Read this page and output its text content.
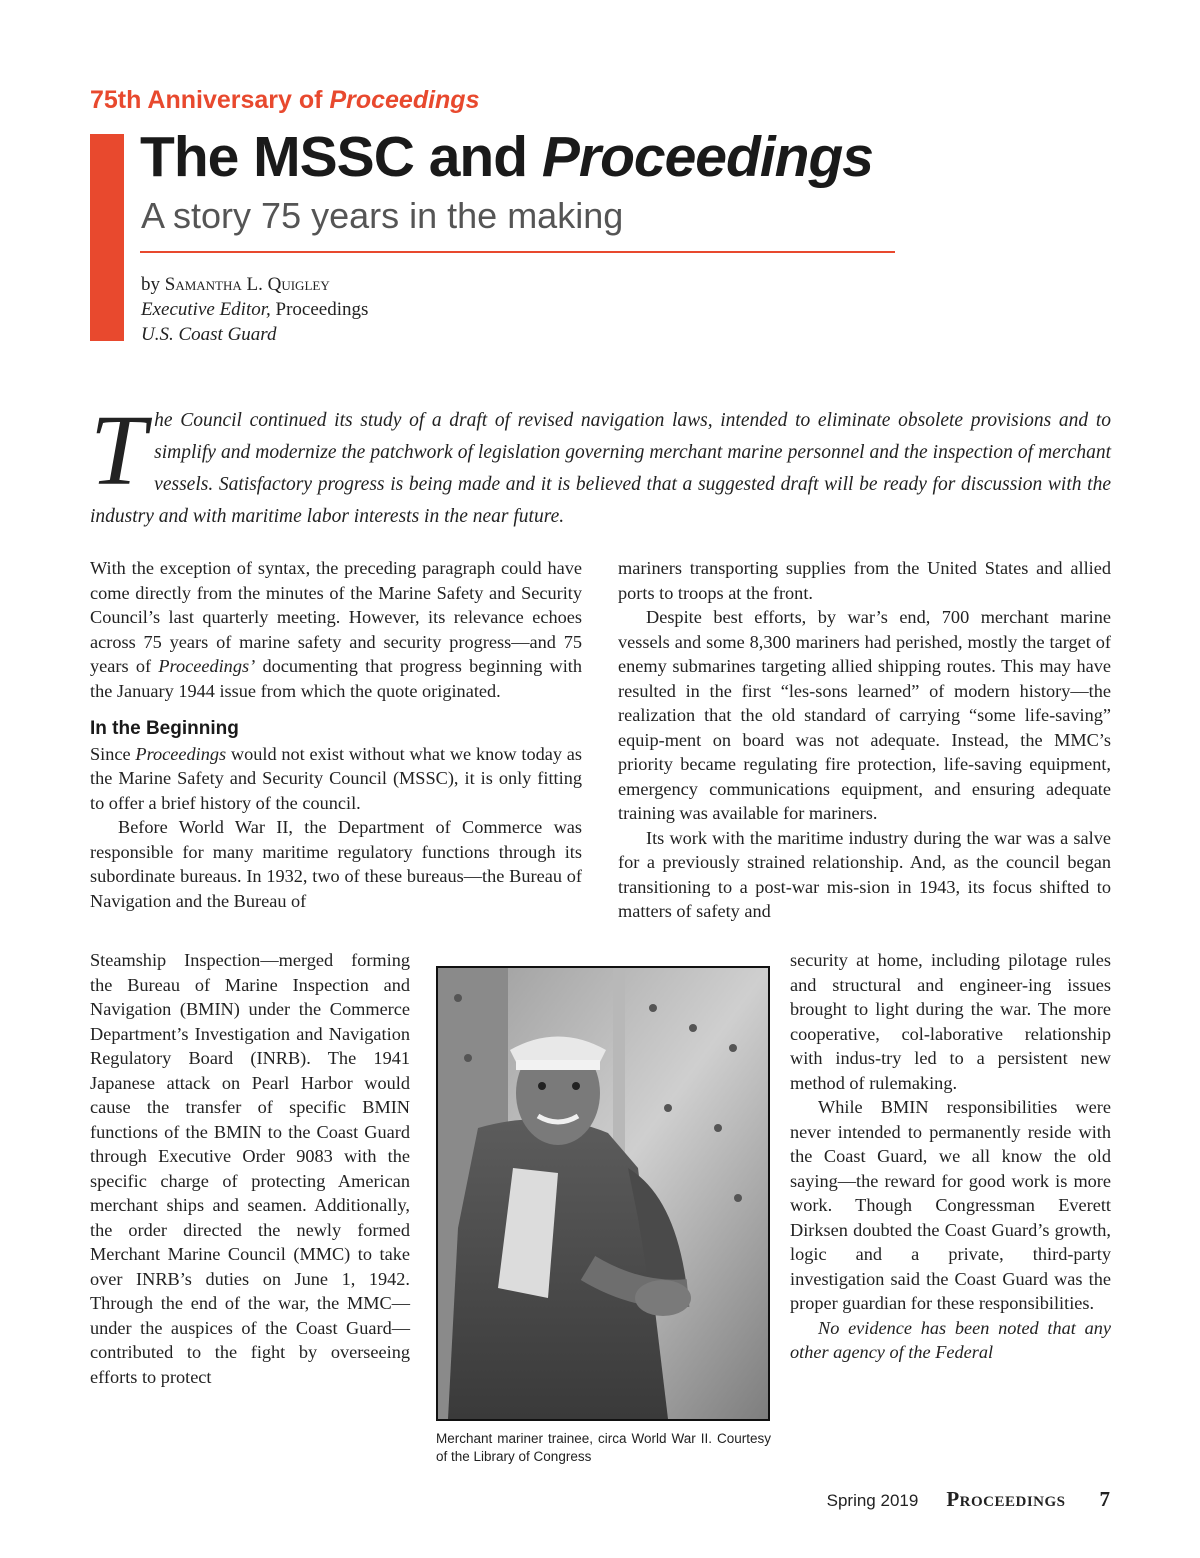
75th Anniversary of Proceedings
The MSSC and Proceedings
A story 75 years in the making
by Samantha L. Quigley
Executive Editor, Proceedings
U.S. Coast Guard

The Council continued its study of a draft of revised navigation laws, intended to eliminate obsolete provisions and to simplify and modernize the patchwork of legislation governing merchant marine personnel and the inspection of merchant vessels. Satisfactory progress is being made and it is believed that a suggested draft will be ready for discussion with the industry and with maritime labor interests in the near future.

With the exception of syntax, the preceding paragraph could have come directly from the minutes of the Marine Safety and Security Council’s last quarterly meeting. However, its relevance echoes across 75 years of marine safety and security progress—and 75 years of Proceedings’ documenting that progress beginning with the January 1944 issue from which the quote originated.

In the Beginning

Since Proceedings would not exist without what we know today as the Marine Safety and Security Council (MSSC), it is only fitting to offer a brief history of the council.

Before World War II, the Department of Commerce was responsible for many maritime regulatory functions through its subordinate bureaus. In 1932, two of these bureaus—the Bureau of Navigation and the Bureau of

Steamship Inspection—merged forming the Bureau of Marine Inspection and Navigation (BMIN) under the Commerce Department’s Investigation and Navigation Regulatory Board (INRB). The 1941 Japanese attack on Pearl Harbor would cause the transfer of specific BMIN functions of the BMIN to the Coast Guard through Executive Order 9083 with the specific charge of protecting American merchant ships and seamen. Additionally, the order directed the newly formed Merchant Marine Council (MMC) to take over INRB’s duties on June 1, 1942. Through the end of the war, the MMC—under the auspices of the Coast Guard—contributed to the fight by overseeing efforts to protect

mariners transporting supplies from the United States and allied ports to troops at the front.

Despite best efforts, by war’s end, 700 merchant marine vessels and some 8,300 mariners had perished, mostly the target of enemy submarines targeting allied shipping routes. This may have resulted in the first “les-sons learned” of modern history—the realization that the old standard of carrying “some life-saving” equip-ment on board was not adequate. Instead, the MMC’s priority became regulating fire protection, life-saving equipment, emergency communications equipment, and ensuring adequate training was available for mariners.

Its work with the maritime industry during the war was a salve for a previously strained relationship. And, as the council began transitioning to a post-war mis-sion in 1943, its focus shifted to matters of safety and

security at home, including pilotage rules and structural and engineer-ing issues brought to light during the war. The more cooperative, col-laborative relationship with indus-try led to a persistent new method of rulemaking.

While BMIN responsibilities were never intended to permanently reside with the Coast Guard, we all know the old saying—the reward for good work is more work. Though Congressman Everett Dirksen doubted the Coast Guard’s growth, logic and a private, third-party investigation said the Coast Guard was the proper guardian for these responsibilities.

No evidence has been noted that any other agency of the Federal

Merchant mariner trainee, circa World War II. Courtesy of the Library of Congress

Spring 2019 Proceedings 7
